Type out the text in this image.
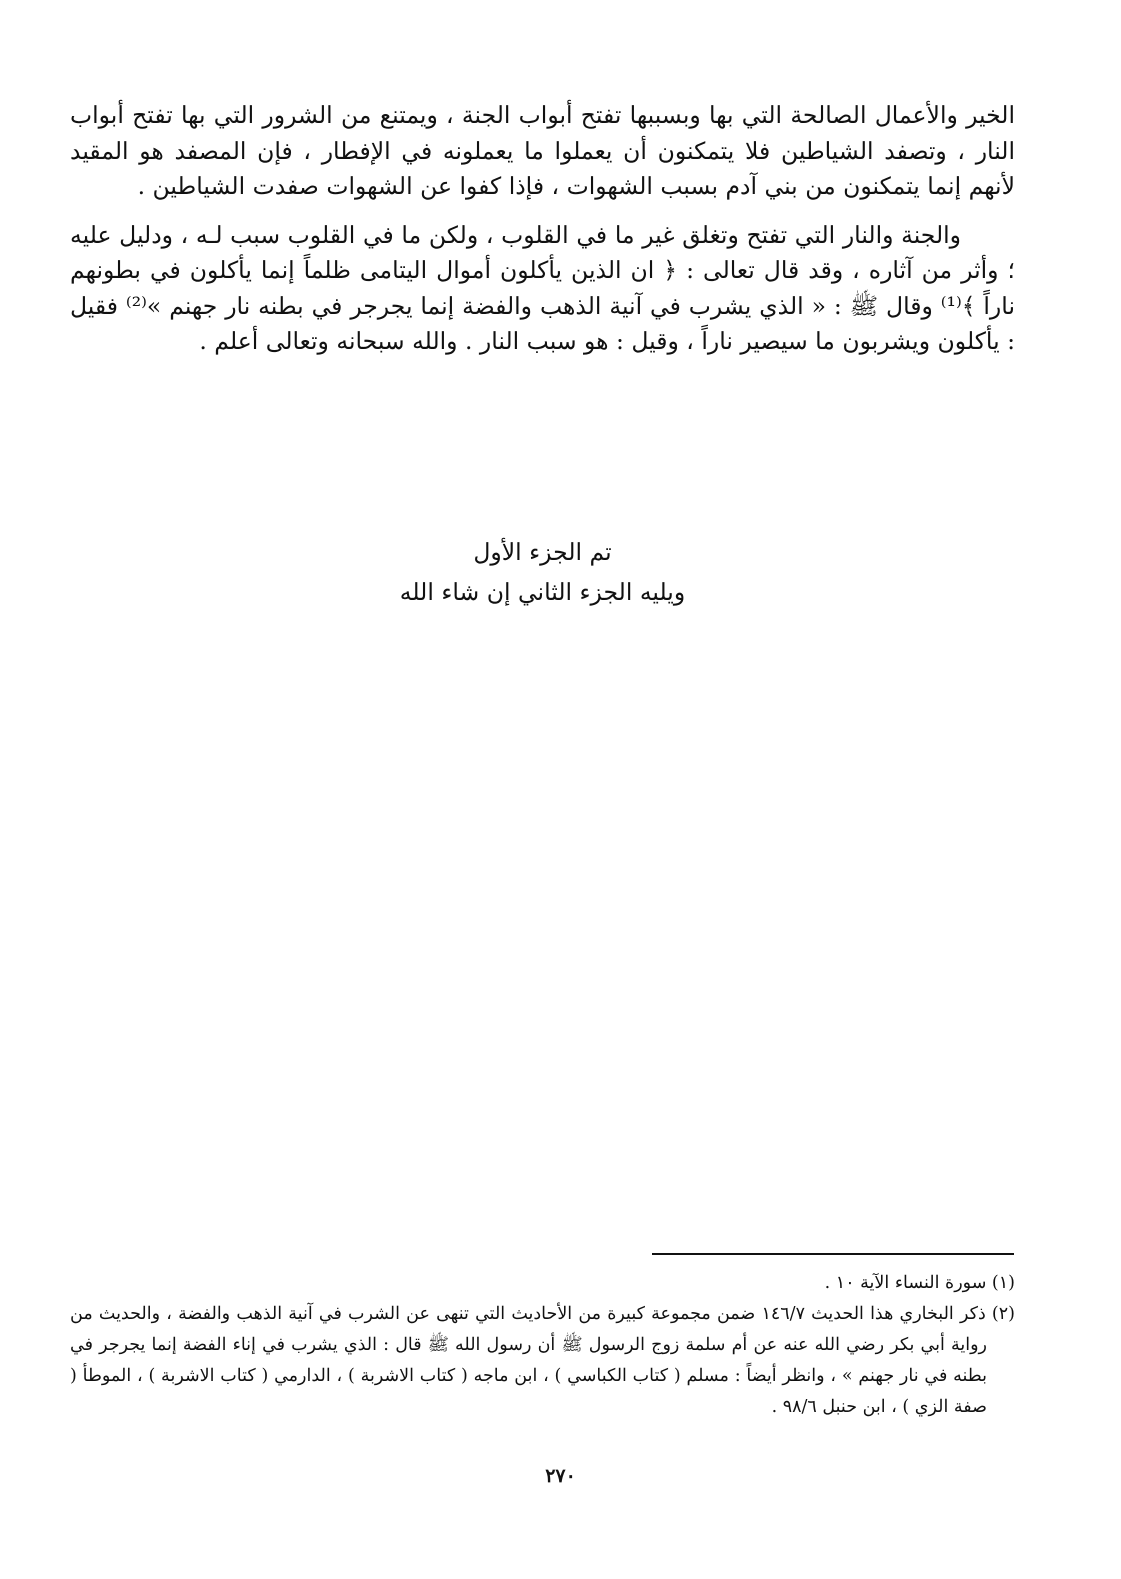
الخير والأعمال الصالحة التي بها وبسببها تفتح أبواب الجنة ، ويمتنع من الشرور التي بها تفتح أبواب النار ، وتصفد الشياطين فلا يتمكنون أن يعملوا ما يعملونه في الإفطار ، فإن المصفد هو المقيد لأنهم إنما يتمكنون من بني آدم بسبب الشهوات ، فإذا كفوا عن الشهوات صفدت الشياطين .

والجنة والنار التي تفتح وتغلق غير ما في القلوب ، ولكن ما في القلوب سبب لـه ، ودليل عليه ؛ وأثر من آثاره ، وقد قال تعالى : ﴿ ان الذين يأكلون أموال اليتامى ظلماً إنما يأكلون في بطونهم ناراً ﴾⁽¹⁾ وقال ﷺ : « الذي يشرب في آنية الذهب والفضة إنما يجرجر في بطنه نار جهنم »⁽²⁾ فقيل : يأكلون ويشربون ما سيصير ناراً ، وقيل : هو سبب النار . والله سبحانه وتعالى أعلم .

تم الجزء الأول
ويليه الجزء الثاني إن شاء الله

(١) سورة النساء الآية ١٠ .

(٢) ذكر البخاري هذا الحديث ١٤٦/٧ ضمن مجموعة كبيرة من الأحاديث التي تنهى عن الشرب في آنية الذهب والفضة ، والحديث من رواية أبي بكر رضي الله عنه عن أم سلمة زوج الرسول ﷺ أن رسول الله ﷺ قال : الذي يشرب في إناء الفضة إنما يجرجر في بطنه في نار جهنم » ، وانظر أيضاً : مسلم ( كتاب الكباسي ) ، ابن ماجه ( كتاب الاشربة ) ، الدارمي ( كتاب الاشربة ) ، الموطأ ( صفة الزي ) ، ابن حنبل ٩٨/٦ .

٢٧٠
